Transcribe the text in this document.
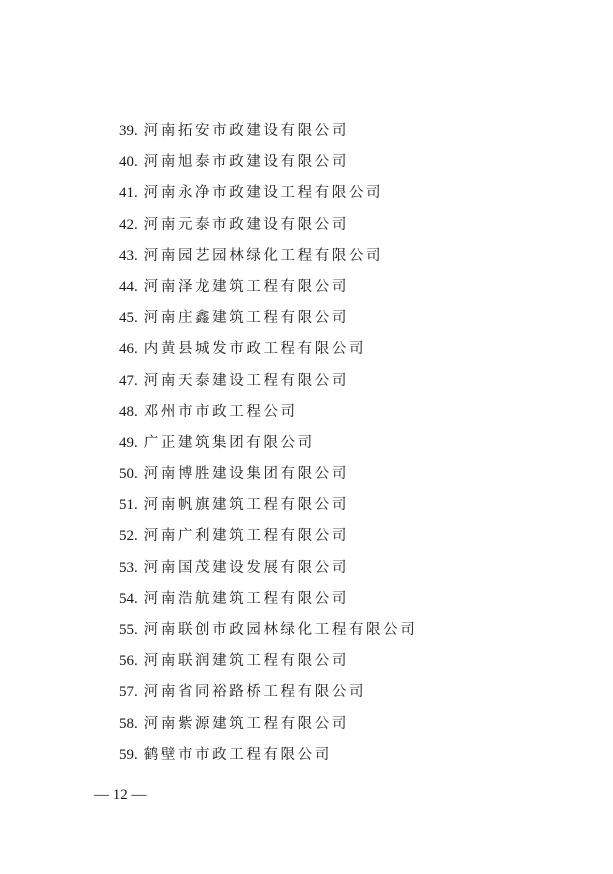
39. 河南拓安市政建设有限公司
40. 河南旭泰市政建设有限公司
41. 河南永净市政建设工程有限公司
42. 河南元泰市政建设有限公司
43. 河南园艺园林绿化工程有限公司
44. 河南泽龙建筑工程有限公司
45. 河南庄鑫建筑工程有限公司
46. 内黄县城发市政工程有限公司
47. 河南天泰建设工程有限公司
48. 邓州市市政工程公司
49. 广正建筑集团有限公司
50. 河南博胜建设集团有限公司
51. 河南帆旗建筑工程有限公司
52. 河南广利建筑工程有限公司
53. 河南国茂建设发展有限公司
54. 河南浩航建筑工程有限公司
55. 河南联创市政园林绿化工程有限公司
56. 河南联润建筑工程有限公司
57. 河南省同裕路桥工程有限公司
58. 河南紫源建筑工程有限公司
59. 鹤壁市市政工程有限公司
— 12 —
